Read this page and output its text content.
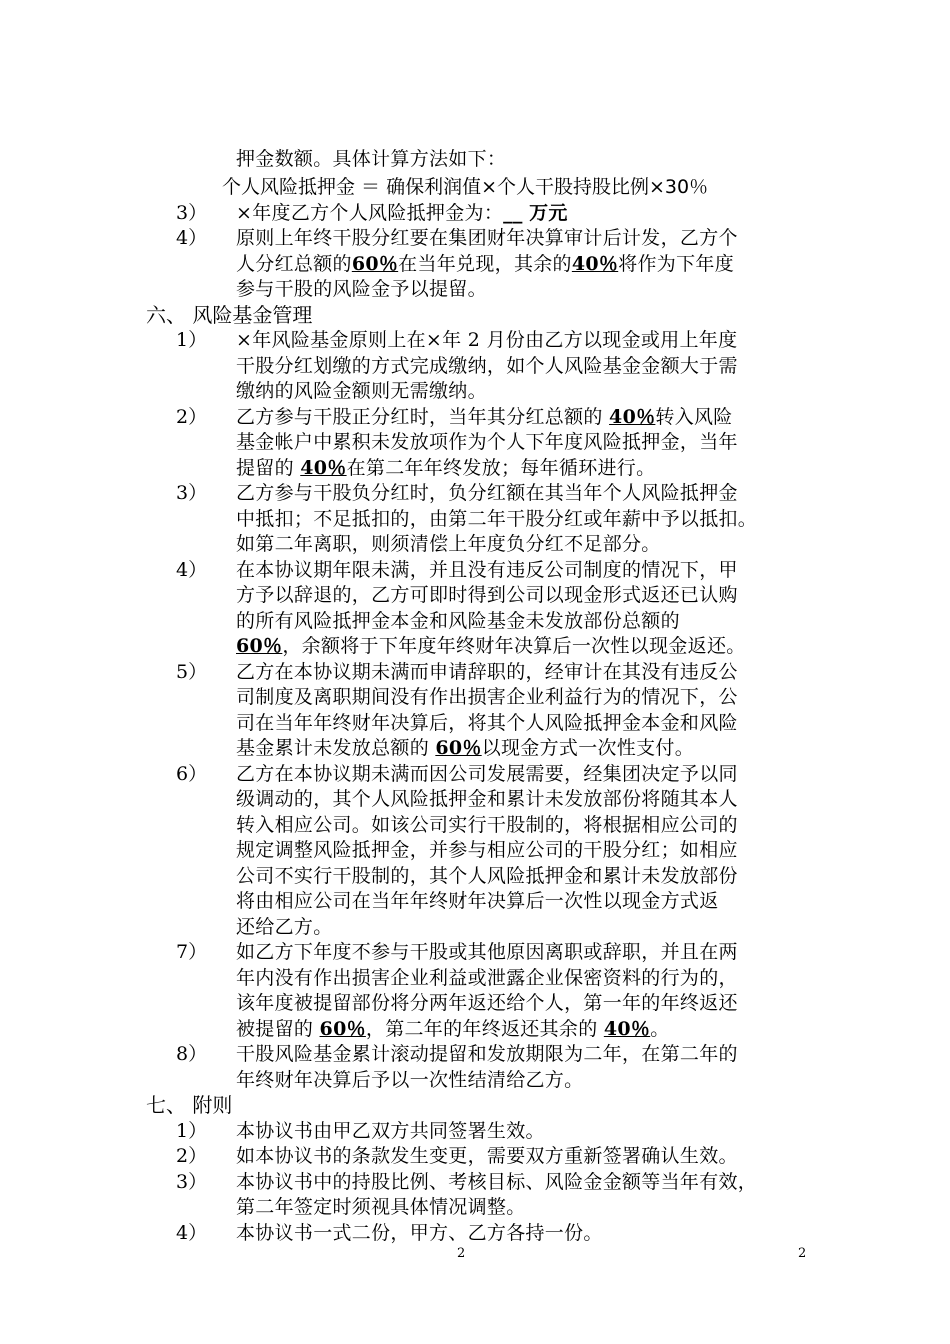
押金数额。具体计算方法如下：
个人风险抵押金 ＝ 确保利润值×个人干股持股比例×30％
3） ×年度乙方个人风险抵押金为：__ 万元
4） 原则上年终干股分红要在集团财年决算审计后计发，乙方个
人分红总额的60％在当年兑现，其余的40％将作为下年度
参与干股的风险金予以提留。
六、 风险基金管理
1） ×年风险基金原则上在×年 2 月份由乙方以现金或用上年度
干股分红划缴的方式完成缴纳，如个人风险基金金额大于需
缴纳的风险金额则无需缴纳。
2） 乙方参与干股正分红时，当年其分红总额的 40％转入风险
基金帐户中累积未发放项作为个人下年度风险抵押金，当年
提留的 40％在第二年年终发放；每年循环进行。
3） 乙方参与干股负分红时，负分红额在其当年个人风险抵押金
中抵扣；不足抵扣的，由第二年干股分红或年薪中予以抵扣。
如第二年离职，则须清偿上年度负分红不足部分。
4） 在本协议期年限未满，并且没有违反公司制度的情况下，甲
方予以辞退的，乙方可即时得到公司以现金形式返还已认购
的所有风险抵押金本金和风险基金未发放部份总额的
60％，余额将于下年度年终财年决算后一次性以现金返还。
5） 乙方在本协议期未满而申请辞职的，经审计在其没有违反公
司制度及离职期间没有作出损害企业利益行为的情况下，公
司在当年年终财年决算后，将其个人风险抵押金本金和风险
基金累计未发放总额的 60％以现金方式一次性支付。
6） 乙方在本协议期未满而因公司发展需要，经集团决定予以同
级调动的，其个人风险抵押金和累计未发放部份将随其本人
转入相应公司。如该公司实行干股制的，将根据相应公司的
规定调整风险抵押金，并参与相应公司的干股分红；如相应
公司不实行干股制的，其个人风险抵押金和累计未发放部份
将由相应公司在当年年终财年决算后一次性以现金方式返
还给乙方。
7） 如乙方下年度不参与干股或其他原因离职或辞职，并且在两
年内没有作出损害企业利益或泄露企业保密资料的行为的，
该年度被提留部份将分两年返还给个人，第一年的年终返还
被提留的 60％，第二年的年终返还其余的 40％。
8） 干股风险基金累计滚动提留和发放期限为二年，在第二年的
年终财年决算后予以一次性结清给乙方。
七、 附则
1） 本协议书由甲乙双方共同签署生效。
2） 如本协议书的条款发生变更，需要双方重新签署确认生效。
3） 本协议书中的持股比例、考核目标、风险金金额等当年有效，
第二年签定时须视具体情况调整。
4） 本协议书一式二份，甲方、乙方各持一份。
2	2
